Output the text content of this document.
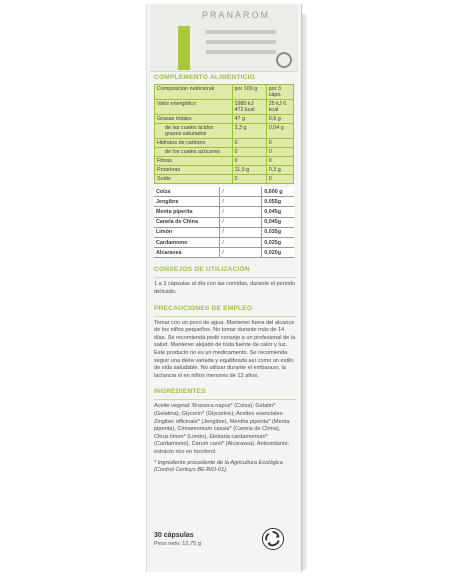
PRANAROM
COMPLEMENTO ALIMENTICIO
Composición nutricional	por 100 g	por 3 cáps.
Valor energético	1980 kJ 472 kcal	25 kJ 6 kcal
Grasas totales	47 g	0,6 g
de las cuales ácidos grasos saturados	3,3 g	0,04 g
Hidratos de carbono	0	0
de los cuales azúcares	0	0
Fibras	0	0
Proteínas	11,9 g	0,3 g
Sodio	0	0
Colza	/	0,600 g
Jengibre	/	0,055g
Menta piperita	/	0,045g
Canela de China	/	0,045g
Limón	/	0,035g
Cardamomo	/	0,025g
Alcaravea	/	0,020g
CONSEJOS DE UTILIZACIÓN
1 a 3 cápsulas al día con las comidas, durante el periodo delicado.
PRECAUCIONES DE EMPLEO
Tomar con un poco de agua. Mantener fuera del alcance de los niños pequeños. No tomar durante más de 14 días. Se recomienda pedir consejo a un profesional de la salud. Mantener alejado de toda fuente de calor y luz. Este producto no es un medicamento. Se recomienda seguir una dieta variada y equilibrada así como un estilo de vida saludable. No utilizar durante el embarazo, la lactancia ni en niños menores de 12 años.
INGREDIENTES
Aceite vegetal: Brassica napus* (Colza); Gelatin* (Gelatina); Glycerin* (Glycerine); Aceites esenciales: Zingiber officinale* (Jengibre), Mentha piperita* (Menta piperita), Cinnamomum cassia* (Canela de China), Citrus limon* (Limón), Elettaria cardamomum* (Cardamomo), Carum carvi* (Alcaravea). Antioxidante: extracto rico en tocoferol.
* Ingrediente procedente de la Agricultura Ecológica (Control Certisys BE-BIO-01).
30 cápsulas
Peso neto: 12,75 g
